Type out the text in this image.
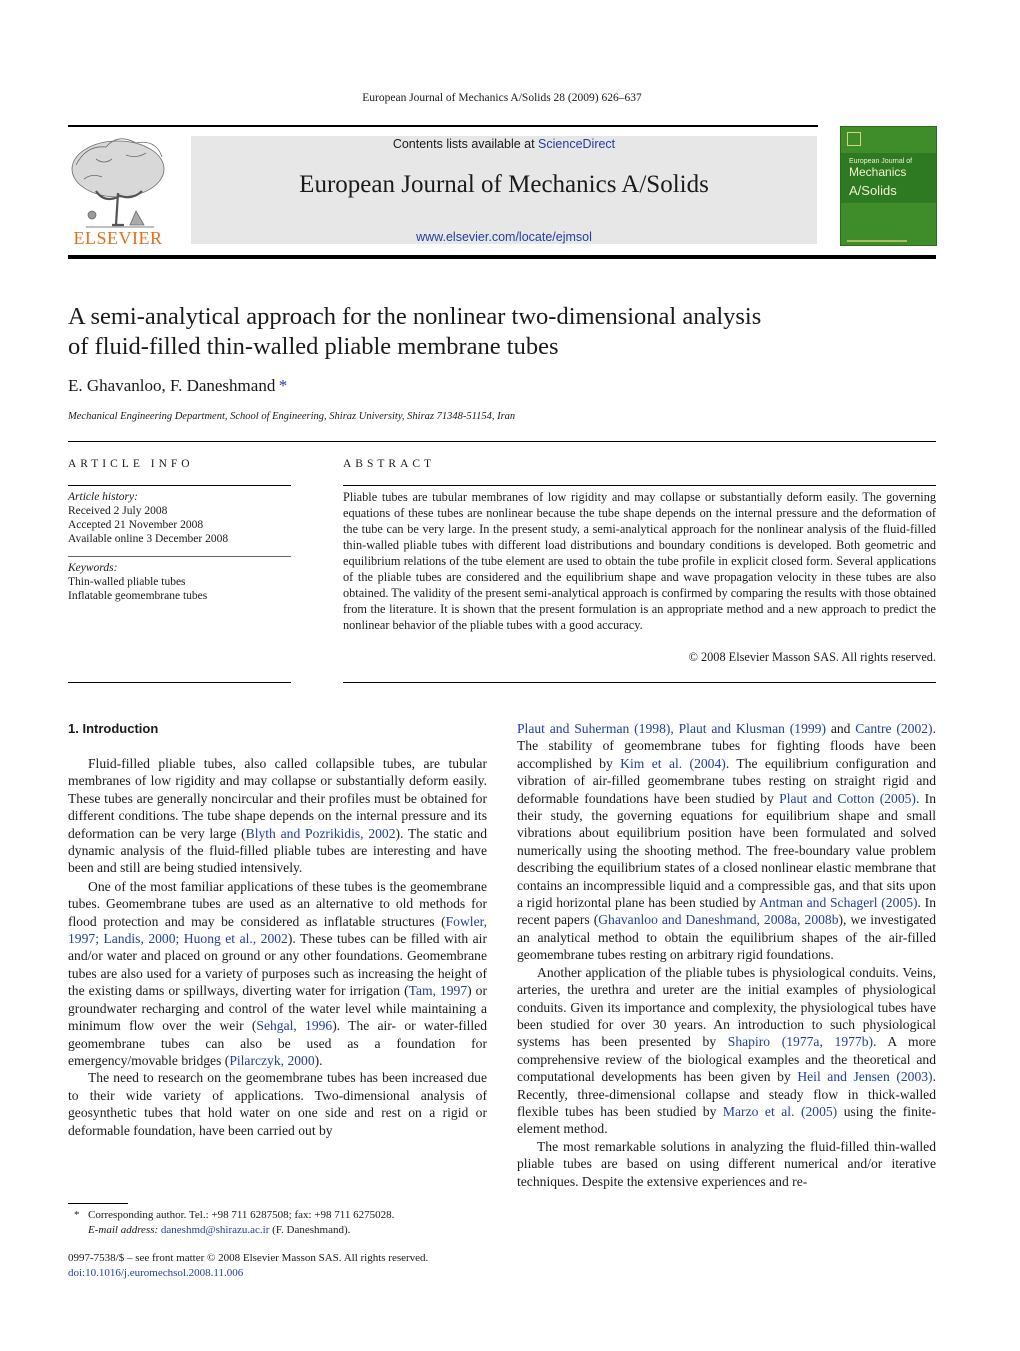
European Journal of Mechanics A/Solids 28 (2009) 626–637
ELSEVIER
Contents lists available at ScienceDirect
European Journal of Mechanics A/Solids
www.elsevier.com/locate/ejmsol
European Journal of
Mechanics
A/Solids
A semi-analytical approach for the nonlinear two-dimensional analysis
of fluid-filled thin-walled pliable membrane tubes
E. Ghavanloo, F. Daneshmand  *
Mechanical Engineering Department, School of Engineering, Shiraz University, Shiraz 71348-51154, Iran
ARTICLE INFO
Article history:
Received 2 July 2008
Accepted 21 November 2008
Available online 3 December 2008
Keywords:
Thin-walled pliable tubes
Inflatable geomembrane tubes
ABSTRACT
Pliable tubes are tubular membranes of low rigidity and may collapse or substantially deform easily. The governing equations of these tubes are nonlinear because the tube shape depends on the internal pressure and the deformation of the tube can be very large. In the present study, a semi-analytical approach for the nonlinear analysis of the fluid-filled thin-walled pliable tubes with different load distributions and boundary conditions is developed. Both geometric and equilibrium relations of the tube element are used to obtain the tube profile in explicit closed form. Several applications of the pliable tubes are considered and the equilibrium shape and wave propagation velocity in these tubes are also obtained. The validity of the present semi-analytical approach is confirmed by comparing the results with those obtained from the literature. It is shown that the present formulation is an appropriate method and a new approach to predict the nonlinear behavior of the pliable tubes with a good accuracy.
© 2008 Elsevier Masson SAS. All rights reserved.
1. Introduction

Fluid-filled pliable tubes, also called collapsible tubes, are tubular membranes of low rigidity and may collapse or substantially deform easily. These tubes are generally noncircular and their profiles must be obtained for different conditions. The tube shape depends on the internal pressure and its deformation can be very large (Blyth and Pozrikidis, 2002). The static and dynamic analysis of the fluid-filled pliable tubes are interesting and have been and still are being studied intensively.

One of the most familiar applications of these tubes is the geomembrane tubes. Geomembrane tubes are used as an alternative to old methods for flood protection and may be considered as inflatable structures (Fowler, 1997; Landis, 2000; Huong et al., 2002). These tubes can be filled with air and/or water and placed on ground or any other foundations. Geomembrane tubes are also used for a variety of purposes such as increasing the height of the existing dams or spillways, diverting water for irrigation (Tam, 1997) or groundwater recharging and control of the water level while maintaining a minimum flow over the weir (Sehgal, 1996). The air- or water-filled geomembrane tubes can also be used as a foundation for emergency/movable bridges (Pilarczyk, 2000).

The need to research on the geomembrane tubes has been increased due to their wide variety of applications. Two-dimensional analysis of geosynthetic tubes that hold water on one side and rest on a rigid or deformable foundation, have been carried out by

Plaut and Suherman (1998), Plaut and Klusman (1999) and Cantre (2002). The stability of geomembrane tubes for fighting floods have been accomplished by Kim et al. (2004). The equilibrium configuration and vibration of air-filled geomembrane tubes resting on straight rigid and deformable foundations have been studied by Plaut and Cotton (2005). In their study, the governing equations for equilibrium shape and small vibrations about equilibrium position have been formulated and solved numerically using the shooting method. The free-boundary value problem describing the equilibrium states of a closed nonlinear elastic membrane that contains an incompressible liquid and a compressible gas, and that sits upon a rigid horizontal plane has been studied by Antman and Schagerl (2005). In recent papers (Ghavanloo and Daneshmand, 2008a, 2008b), we investigated an analytical method to obtain the equilibrium shapes of the air-filled geomembrane tubes resting on arbitrary rigid foundations.

Another application of the pliable tubes is physiological conduits. Veins, arteries, the urethra and ureter are the initial examples of physiological conduits. Given its importance and complexity, the physiological tubes have been studied for over 30 years. An introduction to such physiological systems has been presented by Shapiro (1977a, 1977b). A more comprehensive review of the biological examples and the theoretical and computational developments has been given by Heil and Jensen (2003). Recently, three-dimensional collapse and steady flow in thick-walled flexible tubes has been studied by Marzo et al. (2005) using the finite-element method.

The most remarkable solutions in analyzing the fluid-filled thin-walled pliable tubes are based on using different numerical and/or iterative techniques. Despite the extensive experiences and re-

* Corresponding author. Tel.: +98 711 6287508; fax: +98 711 6275028.
E-mail address: daneshmd@shirazu.ac.ir (F. Daneshmand).
0997-7538/$ – see front matter © 2008 Elsevier Masson SAS. All rights reserved.
doi:10.1016/j.euromechsol.2008.11.006
